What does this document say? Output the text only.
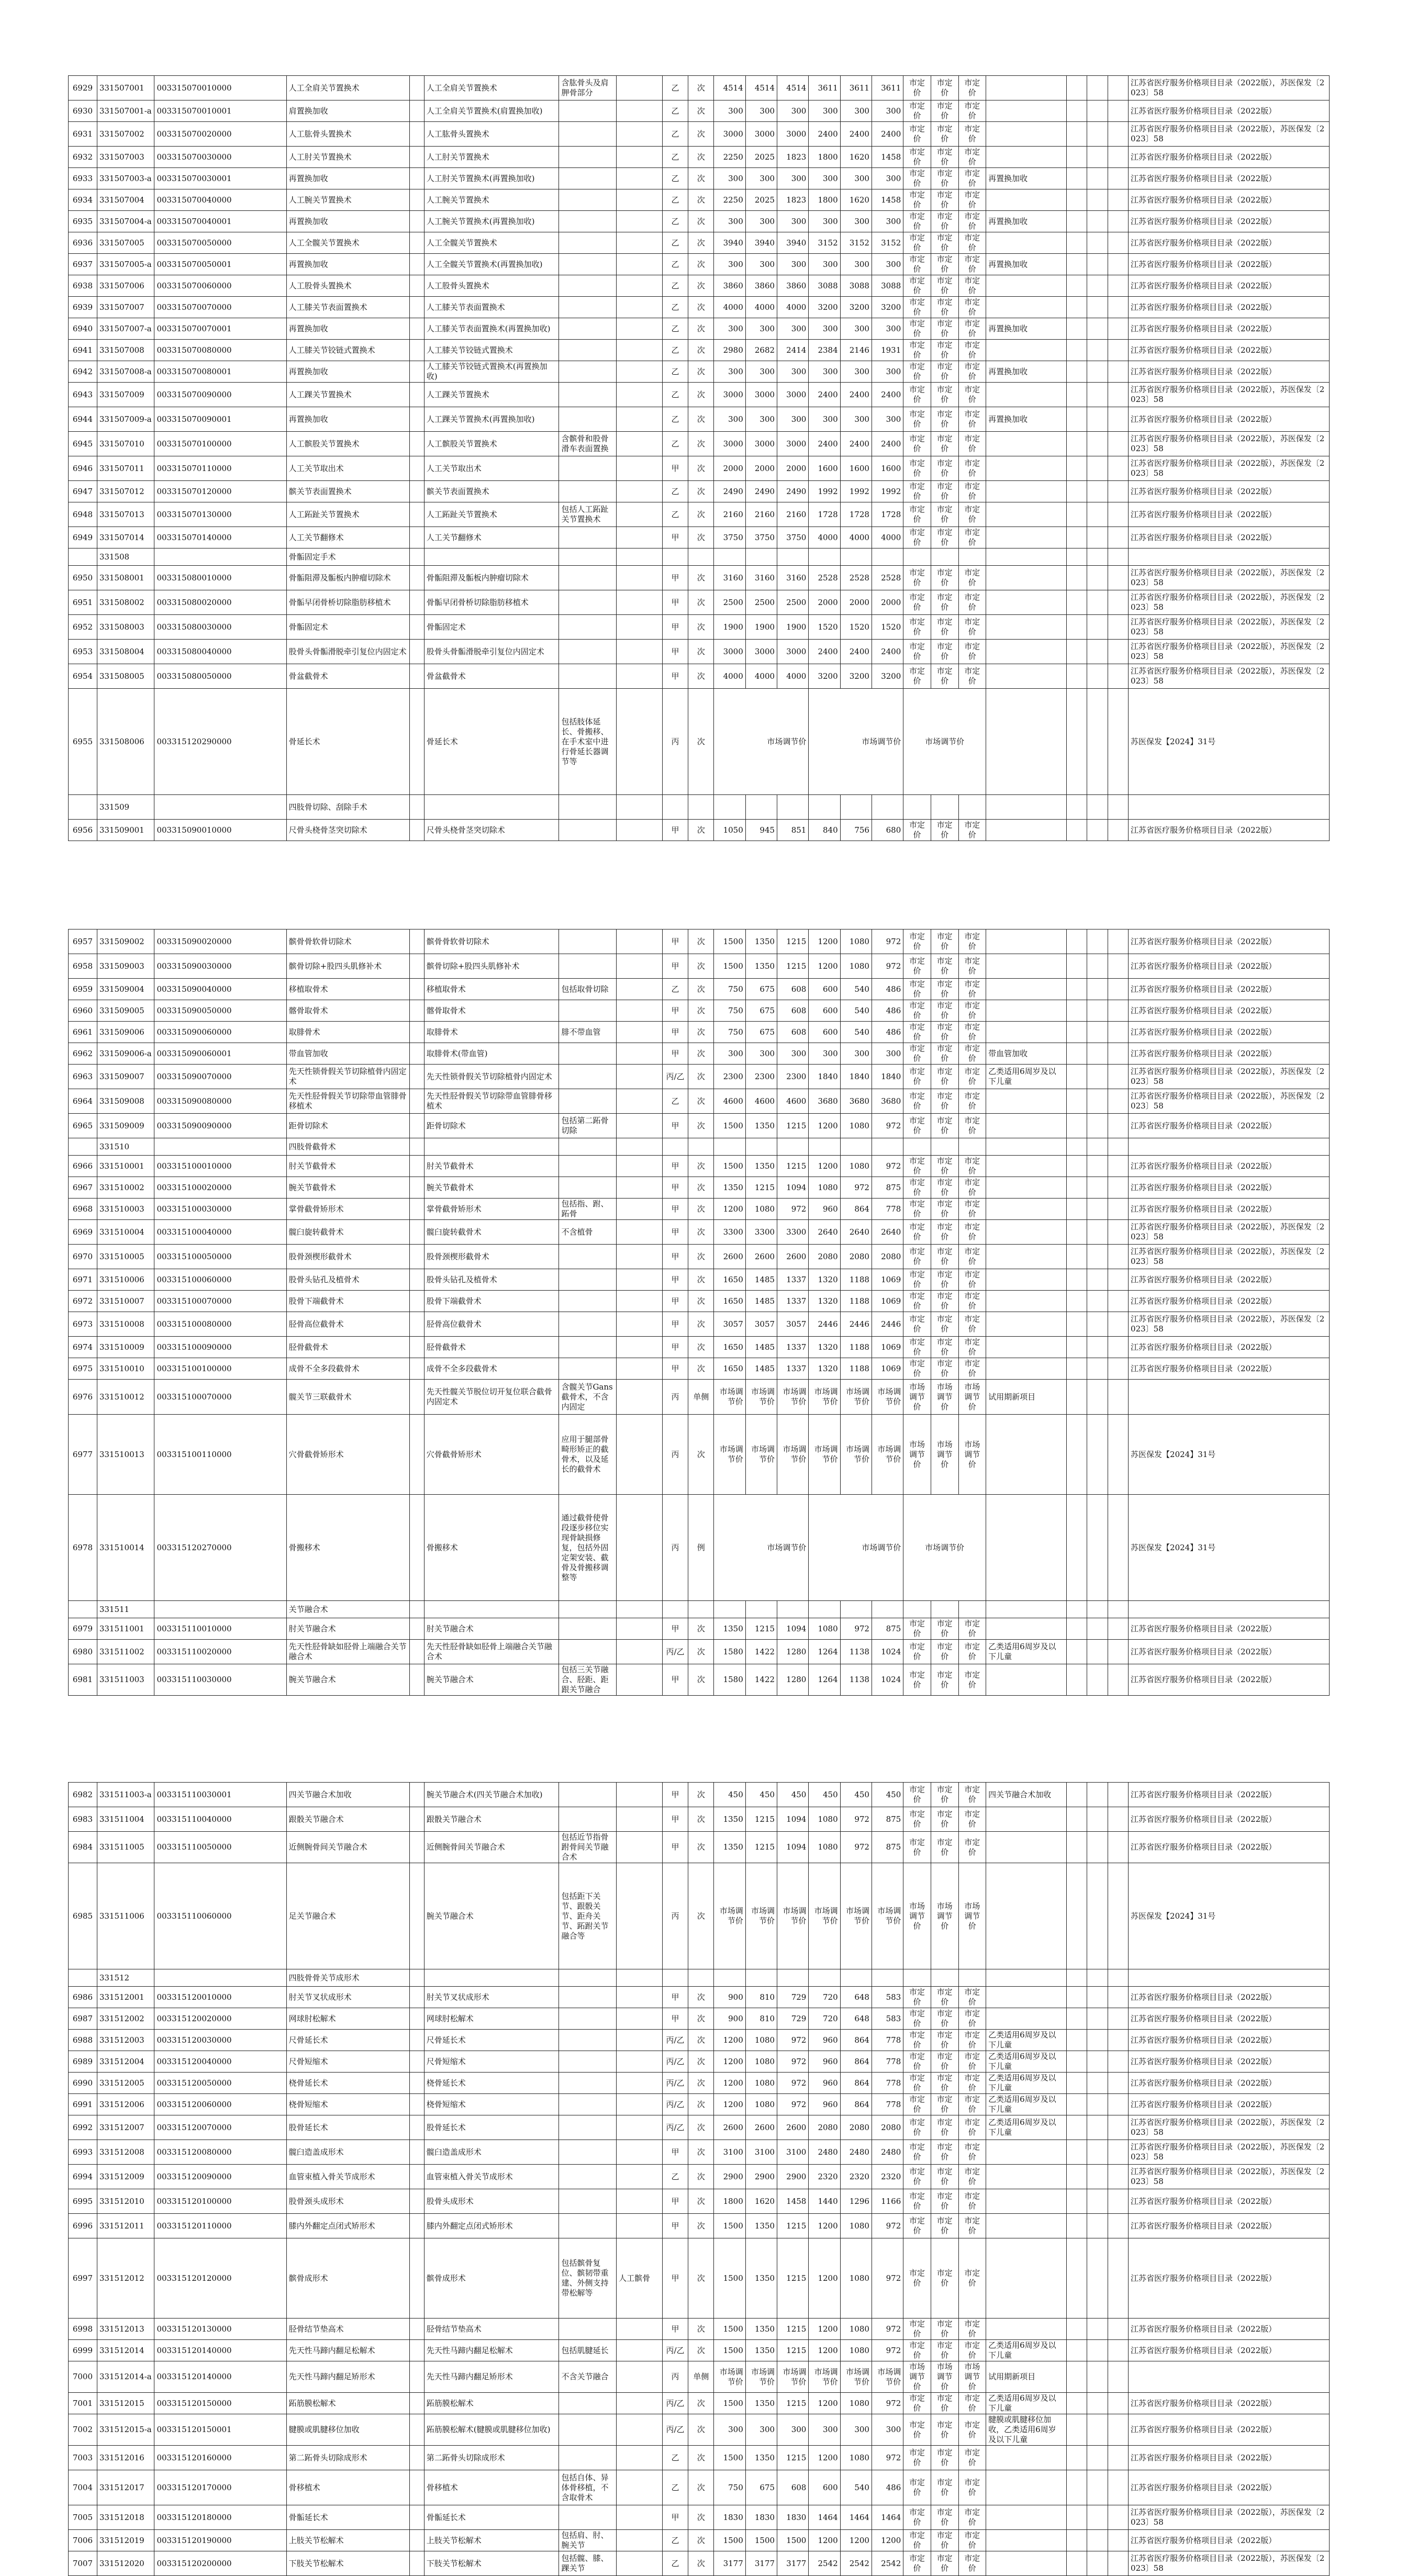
6929	331507001	003315070010000	人工全肩关节置换术		人工全肩关节置换术	含肱骨头及肩胛骨部分		乙	次	4514	4514	4514	3611	3611	3611	市定价	市定价	市定价					江苏省医疗服务价格项目目录（2022版），苏医保发〔2023〕58
6930	331507001-a	003315070010001	肩置换加收		人工全肩关节置换术(肩置换加收)			乙	次	300	300	300	300	300	300	市定价	市定价	市定价					江苏省医疗服务价格项目目录（2022版）
6931	331507002	003315070020000	人工肱骨头置换术		人工肱骨头置换术			乙	次	3000	3000	3000	2400	2400	2400	市定价	市定价	市定价					江苏省医疗服务价格项目目录（2022版），苏医保发〔2023〕58
6932	331507003	003315070030000	人工肘关节置换术		人工肘关节置换术			乙	次	2250	2025	1823	1800	1620	1458	市定价	市定价	市定价					江苏省医疗服务价格项目目录（2022版）
6933	331507003-a	003315070030001	再置换加收		人工肘关节置换术(再置换加收)			乙	次	300	300	300	300	300	300	市定价	市定价	市定价	再置换加收				江苏省医疗服务价格项目目录（2022版）
6934	331507004	003315070040000	人工腕关节置换术		人工腕关节置换术			乙	次	2250	2025	1823	1800	1620	1458	市定价	市定价	市定价					江苏省医疗服务价格项目目录（2022版）
6935	331507004-a	003315070040001	再置换加收		人工腕关节置换术(再置换加收)			乙	次	300	300	300	300	300	300	市定价	市定价	市定价	再置换加收				江苏省医疗服务价格项目目录（2022版）
6936	331507005	003315070050000	人工全髋关节置换术		人工全髋关节置换术			乙	次	3940	3940	3940	3152	3152	3152	市定价	市定价	市定价					江苏省医疗服务价格项目目录（2022版）
6937	331507005-a	003315070050001	再置换加收		人工全髋关节置换术(再置换加收)			乙	次	300	300	300	300	300	300	市定价	市定价	市定价	再置换加收				江苏省医疗服务价格项目目录（2022版）
6938	331507006	003315070060000	人工股骨头置换术		人工股骨头置换术			乙	次	3860	3860	3860	3088	3088	3088	市定价	市定价	市定价					江苏省医疗服务价格项目目录（2022版）
6939	331507007	003315070070000	人工膝关节表面置换术		人工膝关节表面置换术			乙	次	4000	4000	4000	3200	3200	3200	市定价	市定价	市定价					江苏省医疗服务价格项目目录（2022版）
6940	331507007-a	003315070070001	再置换加收		人工膝关节表面置换术(再置换加收)			乙	次	300	300	300	300	300	300	市定价	市定价	市定价	再置换加收				江苏省医疗服务价格项目目录（2022版）
6941	331507008	003315070080000	人工膝关节铰链式置换术		人工膝关节铰链式置换术			乙	次	2980	2682	2414	2384	2146	1931	市定价	市定价	市定价					江苏省医疗服务价格项目目录（2022版）
6942	331507008-a	003315070080001	再置换加收		人工膝关节铰链式置换术(再置换加收)			乙	次	300	300	300	300	300	300	市定价	市定价	市定价	再置换加收				江苏省医疗服务价格项目目录（2022版）
6943	331507009	003315070090000	人工踝关节置换术		人工踝关节置换术			乙	次	3000	3000	3000	2400	2400	2400	市定价	市定价	市定价					江苏省医疗服务价格项目目录（2022版），苏医保发〔2023〕58
6944	331507009-a	003315070090001	再置换加收		人工踝关节置换术(再置换加收)			乙	次	300	300	300	300	300	300	市定价	市定价	市定价	再置换加收				江苏省医疗服务价格项目目录（2022版）
6945	331507010	003315070100000	人工髌股关节置换术		人工髌股关节置换术	含髌骨和股骨滑车表面置换		乙	次	3000	3000	3000	2400	2400	2400	市定价	市定价	市定价					江苏省医疗服务价格项目目录（2022版），苏医保发〔2023〕58
6946	331507011	003315070110000	人工关节取出术		人工关节取出术			甲	次	2000	2000	2000	1600	1600	1600	市定价	市定价	市定价					江苏省医疗服务价格项目目录（2022版），苏医保发〔2023〕58
6947	331507012	003315070120000	髌关节表面置换术		髌关节表面置换术			乙	次	2490	2490	2490	1992	1992	1992	市定价	市定价	市定价					江苏省医疗服务价格项目目录（2022版）
6948	331507013	003315070130000	人工跖趾关节置换术		人工跖趾关节置换术	包括人工跖趾关节置换术		乙	次	2160	2160	2160	1728	1728	1728	市定价	市定价	市定价					江苏省医疗服务价格项目目录（2022版）
6949	331507014	003315070140000	人工关节翻修术		人工关节翻修术			甲	次	3750	3750	3750	4000	4000	4000	市定价	市定价	市定价					江苏省医疗服务价格项目目录（2022版）
	331508		骨骺固定手术																				
6950	331508001	003315080010000	骨骺阻滞及骺板内肿瘤切除术		骨骺阻滞及骺板内肿瘤切除术			甲	次	3160	3160	3160	2528	2528	2528	市定价	市定价	市定价					江苏省医疗服务价格项目目录（2022版），苏医保发〔2023〕58
6951	331508002	003315080020000	骨骺早闭骨桥切除脂肪移植术		骨骺早闭骨桥切除脂肪移植术			甲	次	2500	2500	2500	2000	2000	2000	市定价	市定价	市定价					江苏省医疗服务价格项目目录（2022版），苏医保发〔2023〕58
6952	331508003	003315080030000	骨骺固定术		骨骺固定术			甲	次	1900	1900	1900	1520	1520	1520	市定价	市定价	市定价					江苏省医疗服务价格项目目录（2022版），苏医保发〔2023〕58
6953	331508004	003315080040000	股骨头骨骺滑脱牵引复位内固定术		股骨头骨骺滑脱牵引复位内固定术			甲	次	3000	3000	3000	2400	2400	2400	市定价	市定价	市定价					江苏省医疗服务价格项目目录（2022版），苏医保发〔2023〕58
6954	331508005	003315080050000	骨盆截骨术		骨盆截骨术			甲	次	4000	4000	4000	3200	3200	3200	市定价	市定价	市定价					江苏省医疗服务价格项目目录（2022版），苏医保发〔2023〕58
6955	331508006	003315120290000	骨延长术		骨延长术	包括肢体延长、骨搬移、在手术室中进行骨延长器调节等		丙	次	市场调节价			市场调节价			市场调节价							苏医保发【2024】31号
	331509		四肢骨切除、刮除手术																				
6956	331509001	003315090010000	尺骨头桡骨茎突切除术		尺骨头桡骨茎突切除术			甲	次	1050	945	851	840	756	680	市定价	市定价	市定价					江苏省医疗服务价格项目目录（2022版）
6957	331509002	003315090020000	髌骨骨软骨切除术		髌骨骨软骨切除术			甲	次	1500	1350	1215	1200	1080	972	市定价	市定价	市定价					江苏省医疗服务价格项目目录（2022版）
6958	331509003	003315090030000	髌骨切除+股四头肌修补术		髌骨切除+股四头肌修补术			甲	次	1500	1350	1215	1200	1080	972	市定价	市定价	市定价					江苏省医疗服务价格项目目录（2022版）
6959	331509004	003315090040000	移植取骨术		移植取骨术	包括取骨切除		乙	次	750	675	608	600	540	486	市定价	市定价	市定价					江苏省医疗服务价格项目目录（2022版）
6960	331509005	003315090050000	髂骨取骨术		髂骨取骨术			甲	次	750	675	608	600	540	486	市定价	市定价	市定价					江苏省医疗服务价格项目目录（2022版）
6961	331509006	003315090060000	取腓骨术		取腓骨术	腓不带血管		甲	次	750	675	608	600	540	486	市定价	市定价	市定价					江苏省医疗服务价格项目目录（2022版）
6962	331509006-a	003315090060001	带血管加收		取腓骨术(带血管)			甲	次	300	300	300	300	300	300	市定价	市定价	市定价	带血管加收				江苏省医疗服务价格项目目录（2022版）
6963	331509007	003315090070000	先天性锁骨假关节切除植骨内固定术		先天性锁骨假关节切除植骨内固定术			丙/乙	次	2300	2300	2300	1840	1840	1840	市定价	市定价	市定价	乙类适用6周岁及以下儿童				江苏省医疗服务价格项目目录（2022版），苏医保发〔2023〕58
6964	331509008	003315090080000	先天性胫骨假关节切除带血管腓骨移植术		先天性胫骨假关节切除带血管腓骨移植术			乙	次	4600	4600	4600	3680	3680	3680	市定价	市定价	市定价					江苏省医疗服务价格项目目录（2022版），苏医保发〔2023〕58
6965	331509009	003315090090000	距骨切除术		距骨切除术	包括第二跖骨切除		甲	次	1500	1350	1215	1200	1080	972	市定价	市定价	市定价					江苏省医疗服务价格项目目录（2022版）
	331510		四肢骨截骨术																				
6966	331510001	003315100010000	肘关节截骨术		肘关节截骨术			甲	次	1500	1350	1215	1200	1080	972	市定价	市定价	市定价					江苏省医疗服务价格项目目录（2022版）
6967	331510002	003315100020000	腕关节截骨术		腕关节截骨术			甲	次	1350	1215	1094	1080	972	875	市定价	市定价	市定价					江苏省医疗服务价格项目目录（2022版）
6968	331510003	003315100030000	掌骨截骨矫形术		掌骨截骨矫形术	包括指、跗、跖骨		甲	次	1200	1080	972	960	864	778	市定价	市定价	市定价					江苏省医疗服务价格项目目录（2022版）
6969	331510004	003315100040000	髋臼旋转截骨术		髋臼旋转截骨术	不含植骨		甲	次	3300	3300	3300	2640	2640	2640	市定价	市定价	市定价					江苏省医疗服务价格项目目录（2022版），苏医保发〔2023〕58
6970	331510005	003315100050000	股骨颈楔形截骨术		股骨颈楔形截骨术			甲	次	2600	2600	2600	2080	2080	2080	市定价	市定价	市定价					江苏省医疗服务价格项目目录（2022版），苏医保发〔2023〕58
6971	331510006	003315100060000	股骨头钻孔及植骨术		股骨头钻孔及植骨术			甲	次	1650	1485	1337	1320	1188	1069	市定价	市定价	市定价					江苏省医疗服务价格项目目录（2022版）
6972	331510007	003315100070000	股骨下端截骨术		股骨下端截骨术			甲	次	1650	1485	1337	1320	1188	1069	市定价	市定价	市定价					江苏省医疗服务价格项目目录（2022版）
6973	331510008	003315100080000	胫骨高位截骨术		胫骨高位截骨术			甲	次	3057	3057	3057	2446	2446	2446	市定价	市定价	市定价					江苏省医疗服务价格项目目录（2022版），苏医保发〔2023〕58
6974	331510009	003315100090000	胫骨截骨术		胫骨截骨术			甲	次	1650	1485	1337	1320	1188	1069	市定价	市定价	市定价					江苏省医疗服务价格项目目录（2022版）
6975	331510010	003315100100000	成骨不全多段截骨术		成骨不全多段截骨术			甲	次	1650	1485	1337	1320	1188	1069	市定价	市定价	市定价					江苏省医疗服务价格项目目录（2022版）
6976	331510012	003315100070000	髋关节三联截骨术		先天性髋关节脱位切开复位联合截骨内固定术	含髋关节Gans截骨术，不含内固定		丙	单侧	市场调节价	市场调节价	市场调节价	市场调节价	市场调节价	市场调节价	市场调节价	市场调节价	市场调节价	试用期新项目				
6977	331510013	003315100110000	穴骨截骨矫形术		穴骨截骨矫形术	应用于腿部骨畸形矫正的截骨术，以及延长的截骨术		丙	次	市场调节价	市场调节价	市场调节价	市场调节价	市场调节价	市场调节价	市场调节价	市场调节价	市场调节价					苏医保发【2024】31号
6978	331510014	003315120270000	骨搬移术		骨搬移术	通过截骨使骨段逐步移位实现骨缺损修复，包括外固定架安装、截骨及骨搬移调整等		丙	例	市场调节价			市场调节价			市场调节价							苏医保发【2024】31号
	331511		关节融合术																				
6979	331511001	003315110010000	肘关节融合术		肘关节融合术			甲	次	1350	1215	1094	1080	972	875	市定价	市定价	市定价					江苏省医疗服务价格项目目录（2022版）
6980	331511002	003315110020000	先天性胫骨缺如胫骨上端融合关节融合术		先天性胫骨缺如胫骨上端融合关节融合术			丙/乙	次	1580	1422	1280	1264	1138	1024	市定价	市定价	市定价	乙类适用6周岁及以下儿童				江苏省医疗服务价格项目目录（2022版）
6981	331511003	003315110030000	腕关节融合术		腕关节融合术	包括三关节融合、胫距、距跟关节融合		甲	次	1580	1422	1280	1264	1138	1024	市定价	市定价	市定价					江苏省医疗服务价格项目目录（2022版）
6982	331511003-a	003315110030001	四关节融合术加收		腕关节融合术(四关节融合术加收)			甲	次	450	450	450	450	450	450	市定价	市定价	市定价	四关节融合术加收				江苏省医疗服务价格项目目录（2022版）
6983	331511004	003315110040000	跟骰关节融合术		跟骰关节融合术			甲	次	1350	1215	1094	1080	972	875	市定价	市定价	市定价					江苏省医疗服务价格项目目录（2022版）
6984	331511005	003315110050000	近侧腕骨间关节融合术		近侧腕骨间关节融合术	包括近节指骨跗骨间关节融合术		甲	次	1350	1215	1094	1080	972	875	市定价	市定价	市定价					江苏省医疗服务价格项目目录（2022版）
6985	331511006	003315110060000	足关节融合术		腕关节融合术	包括距下关节、跟骰关节、距舟关节、跖跗关节融合等		丙	次	市场调节价	市场调节价	市场调节价	市场调节价	市场调节价	市场调节价	市场调节价	市场调节价	市场调节价					苏医保发【2024】31号
	331512		四肢骨骨关节成形术																				
6986	331512001	003315120010000	肘关节叉状成形术		肘关节叉状成形术			甲	次	900	810	729	720	648	583	市定价	市定价	市定价					江苏省医疗服务价格项目目录（2022版）
6987	331512002	003315120020000	网球肘松解术		网球肘松解术			甲	次	900	810	729	720	648	583	市定价	市定价	市定价					江苏省医疗服务价格项目目录（2022版）
6988	331512003	003315120030000	尺骨延长术		尺骨延长术			丙/乙	次	1200	1080	972	960	864	778	市定价	市定价	市定价	乙类适用6周岁及以下儿童				江苏省医疗服务价格项目目录（2022版）
6989	331512004	003315120040000	尺骨短缩术		尺骨短缩术			丙/乙	次	1200	1080	972	960	864	778	市定价	市定价	市定价	乙类适用6周岁及以下儿童				江苏省医疗服务价格项目目录（2022版）
6990	331512005	003315120050000	桡骨延长术		桡骨延长术			丙/乙	次	1200	1080	972	960	864	778	市定价	市定价	市定价	乙类适用6周岁及以下儿童				江苏省医疗服务价格项目目录（2022版）
6991	331512006	003315120060000	桡骨短缩术		桡骨短缩术			丙/乙	次	1200	1080	972	960	864	778	市定价	市定价	市定价	乙类适用6周岁及以下儿童				江苏省医疗服务价格项目目录（2022版）
6992	331512007	003315120070000	股骨延长术		股骨延长术			丙/乙	次	2600	2600	2600	2080	2080	2080	市定价	市定价	市定价	乙类适用6周岁及以下儿童				江苏省医疗服务价格项目目录（2022版），苏医保发〔2023〕58
6993	331512008	003315120080000	髋臼造盖成形术		髋臼造盖成形术			甲	次	3100	3100	3100	2480	2480	2480	市定价	市定价	市定价					江苏省医疗服务价格项目目录（2022版），苏医保发〔2023〕58
6994	331512009	003315120090000	血管束植入骨关节成形术		血管束植入骨关节成形术			乙	次	2900	2900	2900	2320	2320	2320	市定价	市定价	市定价					江苏省医疗服务价格项目目录（2022版），苏医保发〔2023〕58
6995	331512010	003315120100000	股骨颈头成形术		股骨头成形术			甲	次	1800	1620	1458	1440	1296	1166	市定价	市定价	市定价					江苏省医疗服务价格项目目录（2022版）
6996	331512011	003315120110000	膝内外翻定点闭式矫形术		膝内外翻定点闭式矫形术			甲	次	1500	1350	1215	1200	1080	972	市定价	市定价	市定价					江苏省医疗服务价格项目目录（2022版）
6997	331512012	003315120120000	髌骨成形术		髌骨成形术	包括髌骨复位、髌韧带重建、外侧支持带松解等	人工髌骨	甲	次	1500	1350	1215	1200	1080	972	市定价	市定价	市定价					江苏省医疗服务价格项目目录（2022版）
6998	331512013	003315120130000	胫骨结节垫高术		胫骨结节垫高术			甲	次	1500	1350	1215	1200	1080	972	市定价	市定价	市定价					江苏省医疗服务价格项目目录（2022版）
6999	331512014	003315120140000	先天性马蹄内翻足松解术		先天性马蹄内翻足松解术	包括肌腱延长		丙/乙	次	1500	1350	1215	1200	1080	972	市定价	市定价	市定价	乙类适用6周岁及以下儿童				江苏省医疗服务价格项目目录（2022版）
7000	331512014-a	003315120140000	先天性马蹄内翻足矫形术		先天性马蹄内翻足矫形术	不含关节融合		丙	单侧	市场调节价	市场调节价	市场调节价	市场调节价	市场调节价	市场调节价	市场调节价	市场调节价	市场调节价	试用期新项目				
7001	331512015	003315120150000	跖筋膜松解术		跖筋膜松解术			丙/乙	次	1500	1350	1215	1200	1080	972	市定价	市定价	市定价	乙类适用6周岁及以下儿童				江苏省医疗服务价格项目目录（2022版）
7002	331512015-a	003315120150001	腱膜或肌腱移位加收		跖筋膜松解术(腱膜或肌腱移位加收)			丙/乙	次	300	300	300	300	300	300	市定价	市定价	市定价	腱膜或肌腱移位加收，乙类适用6周岁及以下儿童				江苏省医疗服务价格项目目录（2022版）
7003	331512016	003315120160000	第二跖骨头切除成形术		第二跖骨头切除成形术			乙	次	1500	1350	1215	1200	1080	972	市定价	市定价	市定价					江苏省医疗服务价格项目目录（2022版）
7004	331512017	003315120170000	骨移植术		骨移植术	包括自体、异体骨移植，不含取骨术		乙	次	750	675	608	600	540	486	市定价	市定价	市定价					江苏省医疗服务价格项目目录（2022版）
7005	331512018	003315120180000	骨骺延长术		骨骺延长术			甲	次	1830	1830	1830	1464	1464	1464	市定价	市定价	市定价					江苏省医疗服务价格项目目录（2022版），苏医保发〔2023〕58
7006	331512019	003315120190000	上肢关节松解术		上肢关节松解术	包括肩、肘、腕关节		乙	次	1500	1500	1500	1200	1200	1200	市定价	市定价	市定价					江苏省医疗服务价格项目目录（2022版）
7007	331512020	003315120200000	下肢关节松解术		下肢关节松解术	包括髋、膝、踝关节		乙	次	3177	3177	3177	2542	2542	2542	市定价	市定价	市定价					江苏省医疗服务价格项目目录（2022版），苏医保发〔2023〕58
